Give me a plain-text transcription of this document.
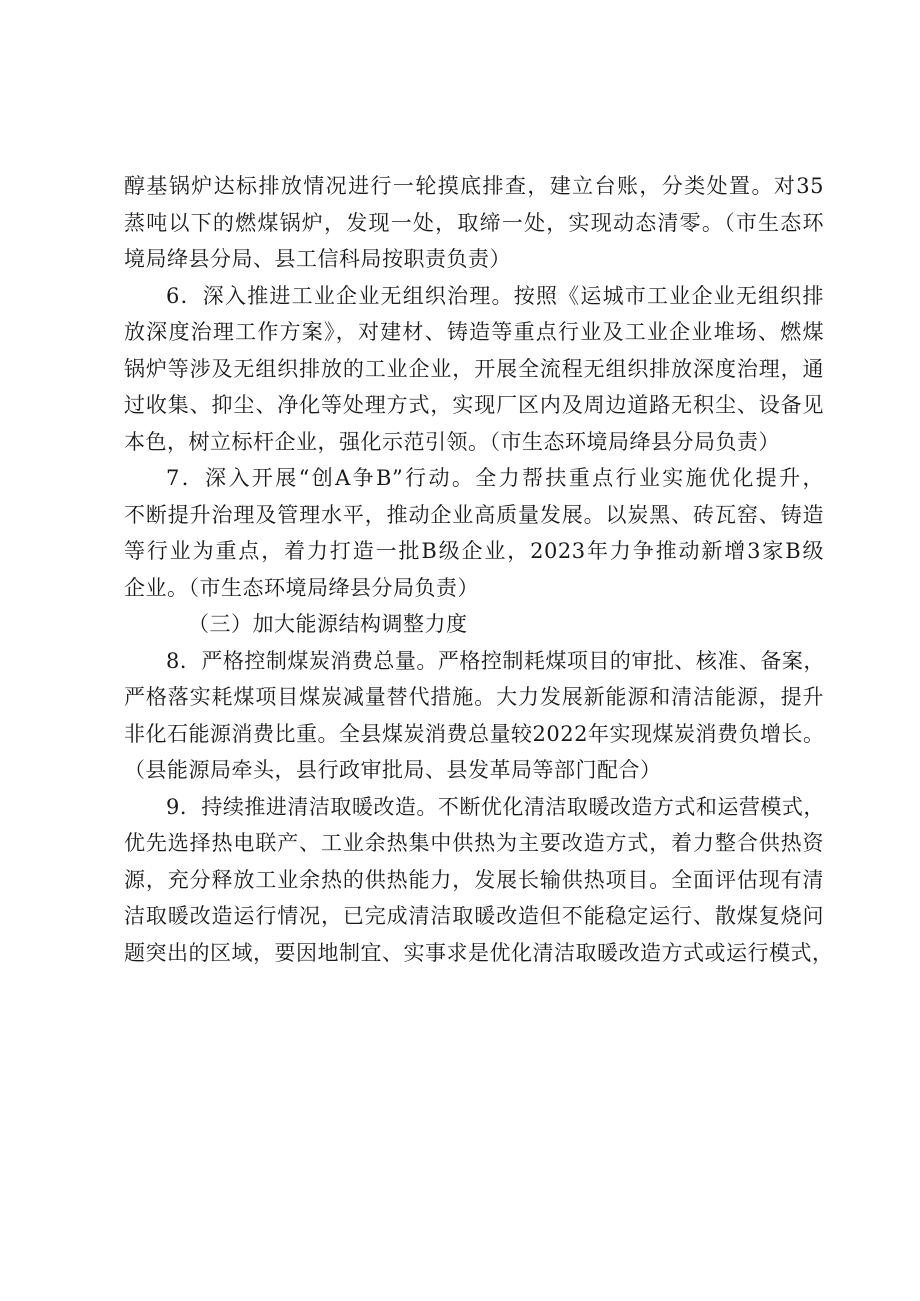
醇基锅炉达标排放情况进行一轮摸底排查，建立台账，分类处置。对35
蒸吨以下的燃煤锅炉，发现一处，取缔一处，实现动态清零。（市生态环
境局绛县分局、县工信科局按职责负责）

6．深入推进工业企业无组织治理。按照《运城市工业企业无组织排
放深度治理工作方案》，对建材、铸造等重点行业及工业企业堆场、燃煤
锅炉等涉及无组织排放的工业企业，开展全流程无组织排放深度治理，通
过收集、抑尘、净化等处理方式，实现厂区内及周边道路无积尘、设备见
本色，树立标杆企业，强化示范引领。（市生态环境局绛县分局负责）

7．深入开展“创A争B”行动。全力帮扶重点行业实施优化提升，
不断提升治理及管理水平，推动企业高质量发展。以炭黑、砖瓦窑、铸造
等行业为重点，着力打造一批B级企业，2023年力争推动新增3家B级
企业。（市生态环境局绛县分局负责）

（三）加大能源结构调整力度

8．严格控制煤炭消费总量。严格控制耗煤项目的审批、核准、备案，
严格落实耗煤项目煤炭减量替代措施。大力发展新能源和清洁能源，提升
非化石能源消费比重。全县煤炭消费总量较2022年实现煤炭消费负增长。
（县能源局牵头，县行政审批局、县发革局等部门配合）

9．持续推进清洁取暖改造。不断优化清洁取暖改造方式和运营模式，
优先选择热电联产、工业余热集中供热为主要改造方式，着力整合供热资
源，充分释放工业余热的供热能力，发展长输供热项目。全面评估现有清
洁取暖改造运行情况，已完成清洁取暖改造但不能稳定运行、散煤复烧问
题突出的区域，要因地制宜、实事求是优化清洁取暖改造方式或运行模式，
